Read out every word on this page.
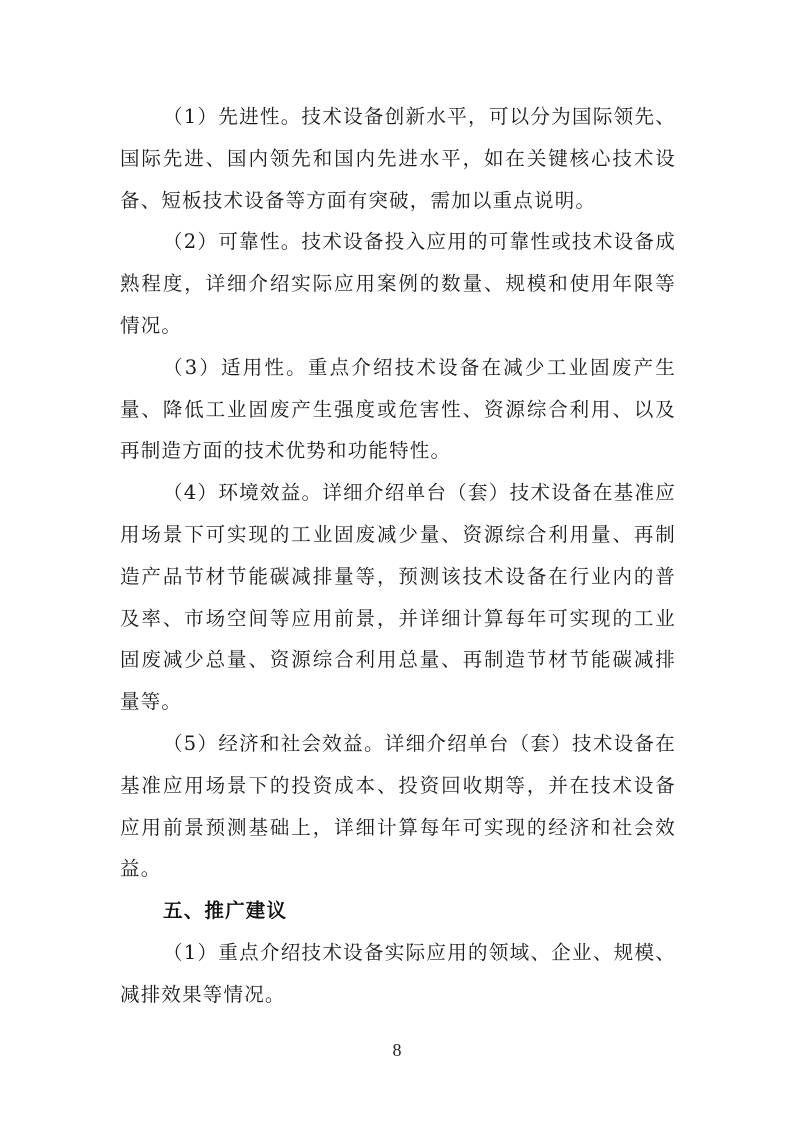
（1）先进性。技术设备创新水平，可以分为国际领先、国际先进、国内领先和国内先进水平，如在关键核心技术设备、短板技术设备等方面有突破，需加以重点说明。

（2）可靠性。技术设备投入应用的可靠性或技术设备成熟程度，详细介绍实际应用案例的数量、规模和使用年限等情况。

（3）适用性。重点介绍技术设备在减少工业固废产生量、降低工业固废产生强度或危害性、资源综合利用、以及再制造方面的技术优势和功能特性。

（4）环境效益。详细介绍单台（套）技术设备在基准应用场景下可实现的工业固废减少量、资源综合利用量、再制造产品节材节能碳减排量等，预测该技术设备在行业内的普及率、市场空间等应用前景，并详细计算每年可实现的工业固废减少总量、资源综合利用总量、再制造节材节能碳减排量等。

（5）经济和社会效益。详细介绍单台（套）技术设备在基准应用场景下的投资成本、投资回收期等，并在技术设备应用前景预测基础上，详细计算每年可实现的经济和社会效益。

五、推广建议

（1）重点介绍技术设备实际应用的领域、企业、规模、减排效果等情况。

8
